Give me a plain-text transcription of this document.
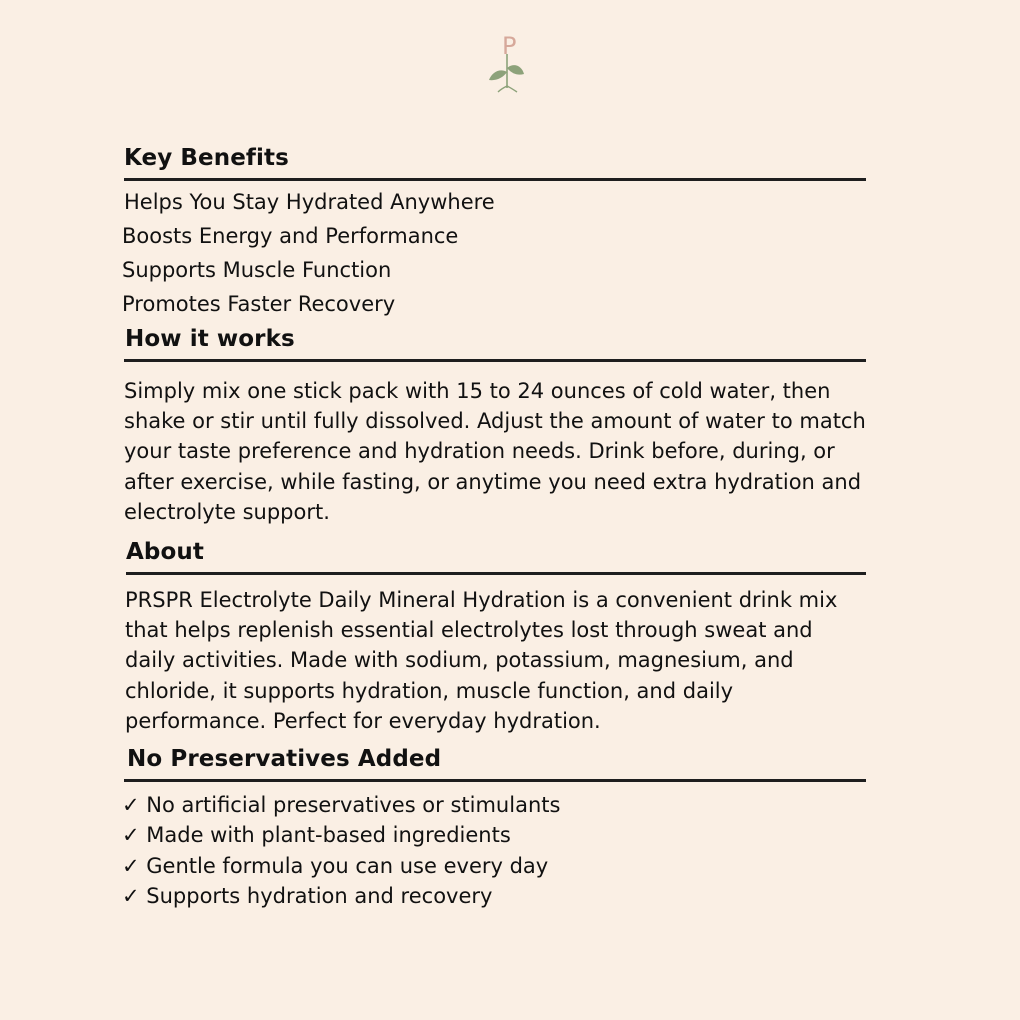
P
Key Benefits

Helps You Stay Hydrated Anywhere

Boosts Energy and Performance

Supports Muscle Function

Promotes Faster Recovery

How it works

Simply mix one stick pack with 15 to 24 ounces of cold water, then

shake or stir until fully dissolved. Adjust the amount of water to match

your taste preference and hydration needs. Drink before, during, or

after exercise, while fasting, or anytime you need extra hydration and

electrolyte support.

About

PRSPR Electrolyte Daily Mineral Hydration is a convenient drink mix

that helps replenish essential electrolytes lost through sweat and

daily activities. Made with sodium, potassium, magnesium, and

chloride, it supports hydration, muscle function, and daily

performance. Perfect for everyday hydration.

No Preservatives Added

✓ No artificial preservatives or stimulants

✓ Made with plant-based ingredients

✓ Gentle formula you can use every day

✓ Supports hydration and recovery
